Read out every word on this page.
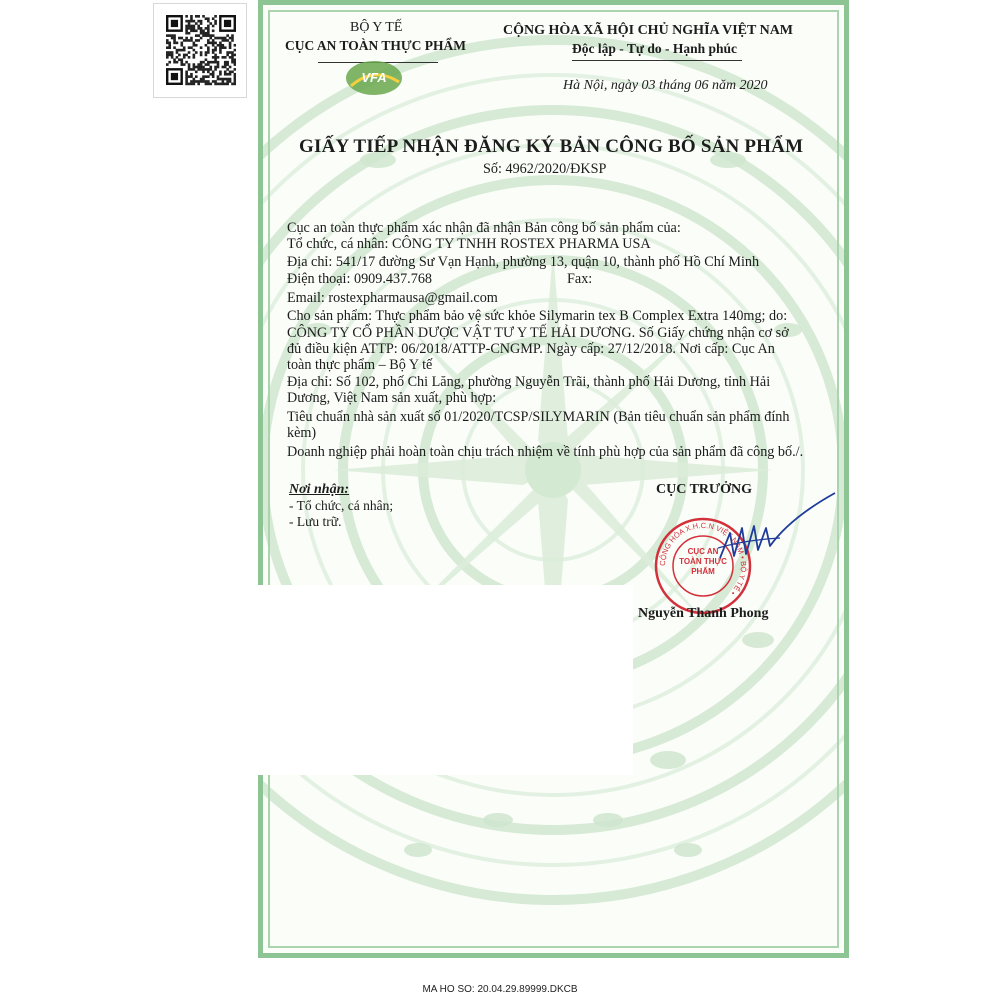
BỘ Y TẾ
CỤC AN TOÀN THỰC PHẨM
VFA
CỘNG HÒA XÃ HỘI CHỦ NGHĨA VIỆT NAM
Độc lập - Tự do - Hạnh phúc
Hà Nội, ngày 03 tháng 06 năm 2020
GIẤY TIẾP NHẬN ĐĂNG KÝ BẢN CÔNG BỐ SẢN PHẨM
Số: 4962/2020/ĐKSP
Cục an toàn thực phẩm xác nhận đã nhận Bản công bố sản phẩm của:
Tổ chức, cá nhân: CÔNG TY TNHH ROSTEX PHARMA USA
Địa chỉ: 541/17 đường Sư Vạn Hạnh, phường 13, quận 10, thành phố Hồ Chí Minh
Điện thoại: 0909.437.768	Fax:
Email: rostexpharmausa@gmail.com
Cho sản phẩm: Thực phẩm bảo vệ sức khỏe Silymarin tex B Complex Extra 140mg; do:
CÔNG TY CỔ PHẦN DƯỢC VẬT TƯ Y TẾ HẢI DƯƠNG. Số Giấy chứng nhận cơ sở
đủ điều kiện ATTP: 06/2018/ATTP-CNGMP. Ngày cấp: 27/12/2018. Nơi cấp: Cục An
toàn thực phẩm – Bộ Y tế
Địa chỉ: Số 102, phố Chi Lăng, phường Nguyễn Trãi, thành phố Hải Dương, tỉnh Hải
Dương, Việt Nam sản xuất, phù hợp:
Tiêu chuẩn nhà sản xuất số 01/2020/TCSP/SILYMARIN (Bản tiêu chuẩn sản phẩm đính
kèm)
Doanh nghiệp phải hoàn toàn chịu trách nhiệm về tính phù hợp của sản phẩm đã công bố./.
Nơi nhận:
- Tổ chức, cá nhân;
- Lưu trữ.
CỤC TRƯỞNG
CỘNG HÒA X.H.C.N VIỆT NAM • BỘ Y TẾ •
CỤC AN TOÀN THỰC PHẨM
Nguyễn Thanh Phong
MA HO SO: 20.04.29.89999.DKCB
